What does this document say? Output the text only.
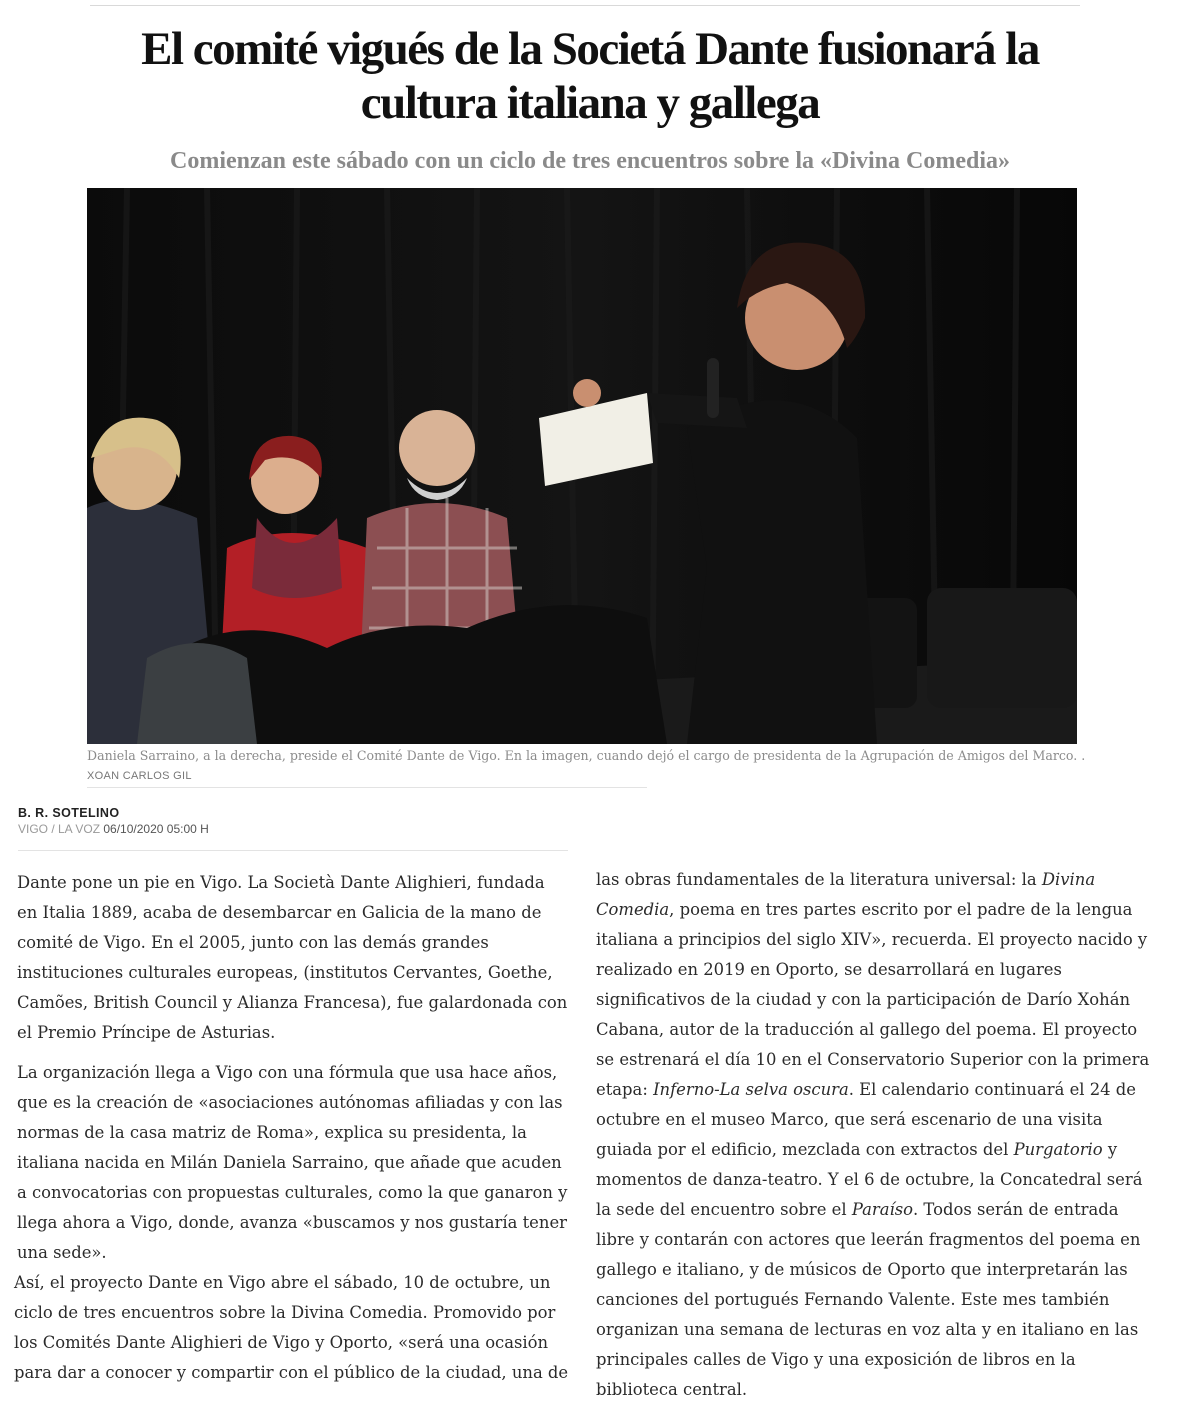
El comité vigués de la Societá Dante fusionará la cultura italiana y gallega
Comienzan este sábado con un ciclo de tres encuentros sobre la «Divina Comedia»

Daniela Sarraino, a la derecha, preside el Comité Dante de Vigo. En la imagen, cuando dejó el cargo de presidenta de la Agrupación de Amigos del Marco. .

XOAN CARLOS GIL
B. R. SOTELINO
VIGO / LA VOZ 06/10/2020 05:00 H

Dante pone un pie en Vigo. La Società Dante Alighieri, fundada en Italia 1889, acaba de desembarcar en Galicia de la mano de comité de Vigo. En el 2005, junto con las demás grandes instituciones culturales europeas, (institutos Cervantes, Goethe, Camões, British Council y Alianza Francesa), fue galardonada con el Premio Príncipe de Asturias.

La organización llega a Vigo con una fórmula que usa hace años, que es la creación de «asociaciones autónomas afiliadas y con las normas de la casa matriz de Roma», explica su presidenta, la italiana nacida en Milán Daniela Sarraino, que añade que acuden a convocatorias con propuestas culturales, como la que ganaron y llega ahora a Vigo, donde, avanza «buscamos y nos gustaría tener una sede».

Así, el proyecto Dante en Vigo abre el sábado, 10 de octubre, un ciclo de tres encuentros sobre la Divina Comedia. Promovido por los Comités Dante Alighieri de Vigo y Oporto, «será una ocasión para dar a conocer y compartir con el público de la ciudad, una de

las obras fundamentales de la literatura universal: la Divina Comedia, poema en tres partes escrito por el padre de la lengua italiana a principios del siglo XIV», recuerda. El proyecto nacido y realizado en 2019 en Oporto, se desarrollará en lugares significativos de la ciudad y con la participación de Darío Xohán Cabana, autor de la traducción al gallego del poema. El proyecto se estrenará el día 10 en el Conservatorio Superior con la primera etapa: Inferno-La selva oscura. El calendario continuará el 24 de octubre en el museo Marco, que será escenario de una visita guiada por el edificio, mezclada con extractos del Purgatorio y momentos de danza-teatro. Y el 6 de octubre, la Concatedral será la sede del encuentro sobre el Paraíso. Todos serán de entrada libre y contarán con actores que leerán fragmentos del poema en gallego e italiano, y de músicos de Oporto que interpretarán las canciones del portugués Fernando Valente. Este mes también organizan una semana de lecturas en voz alta y en italiano en las principales calles de Vigo y una exposición de libros en la biblioteca central.
